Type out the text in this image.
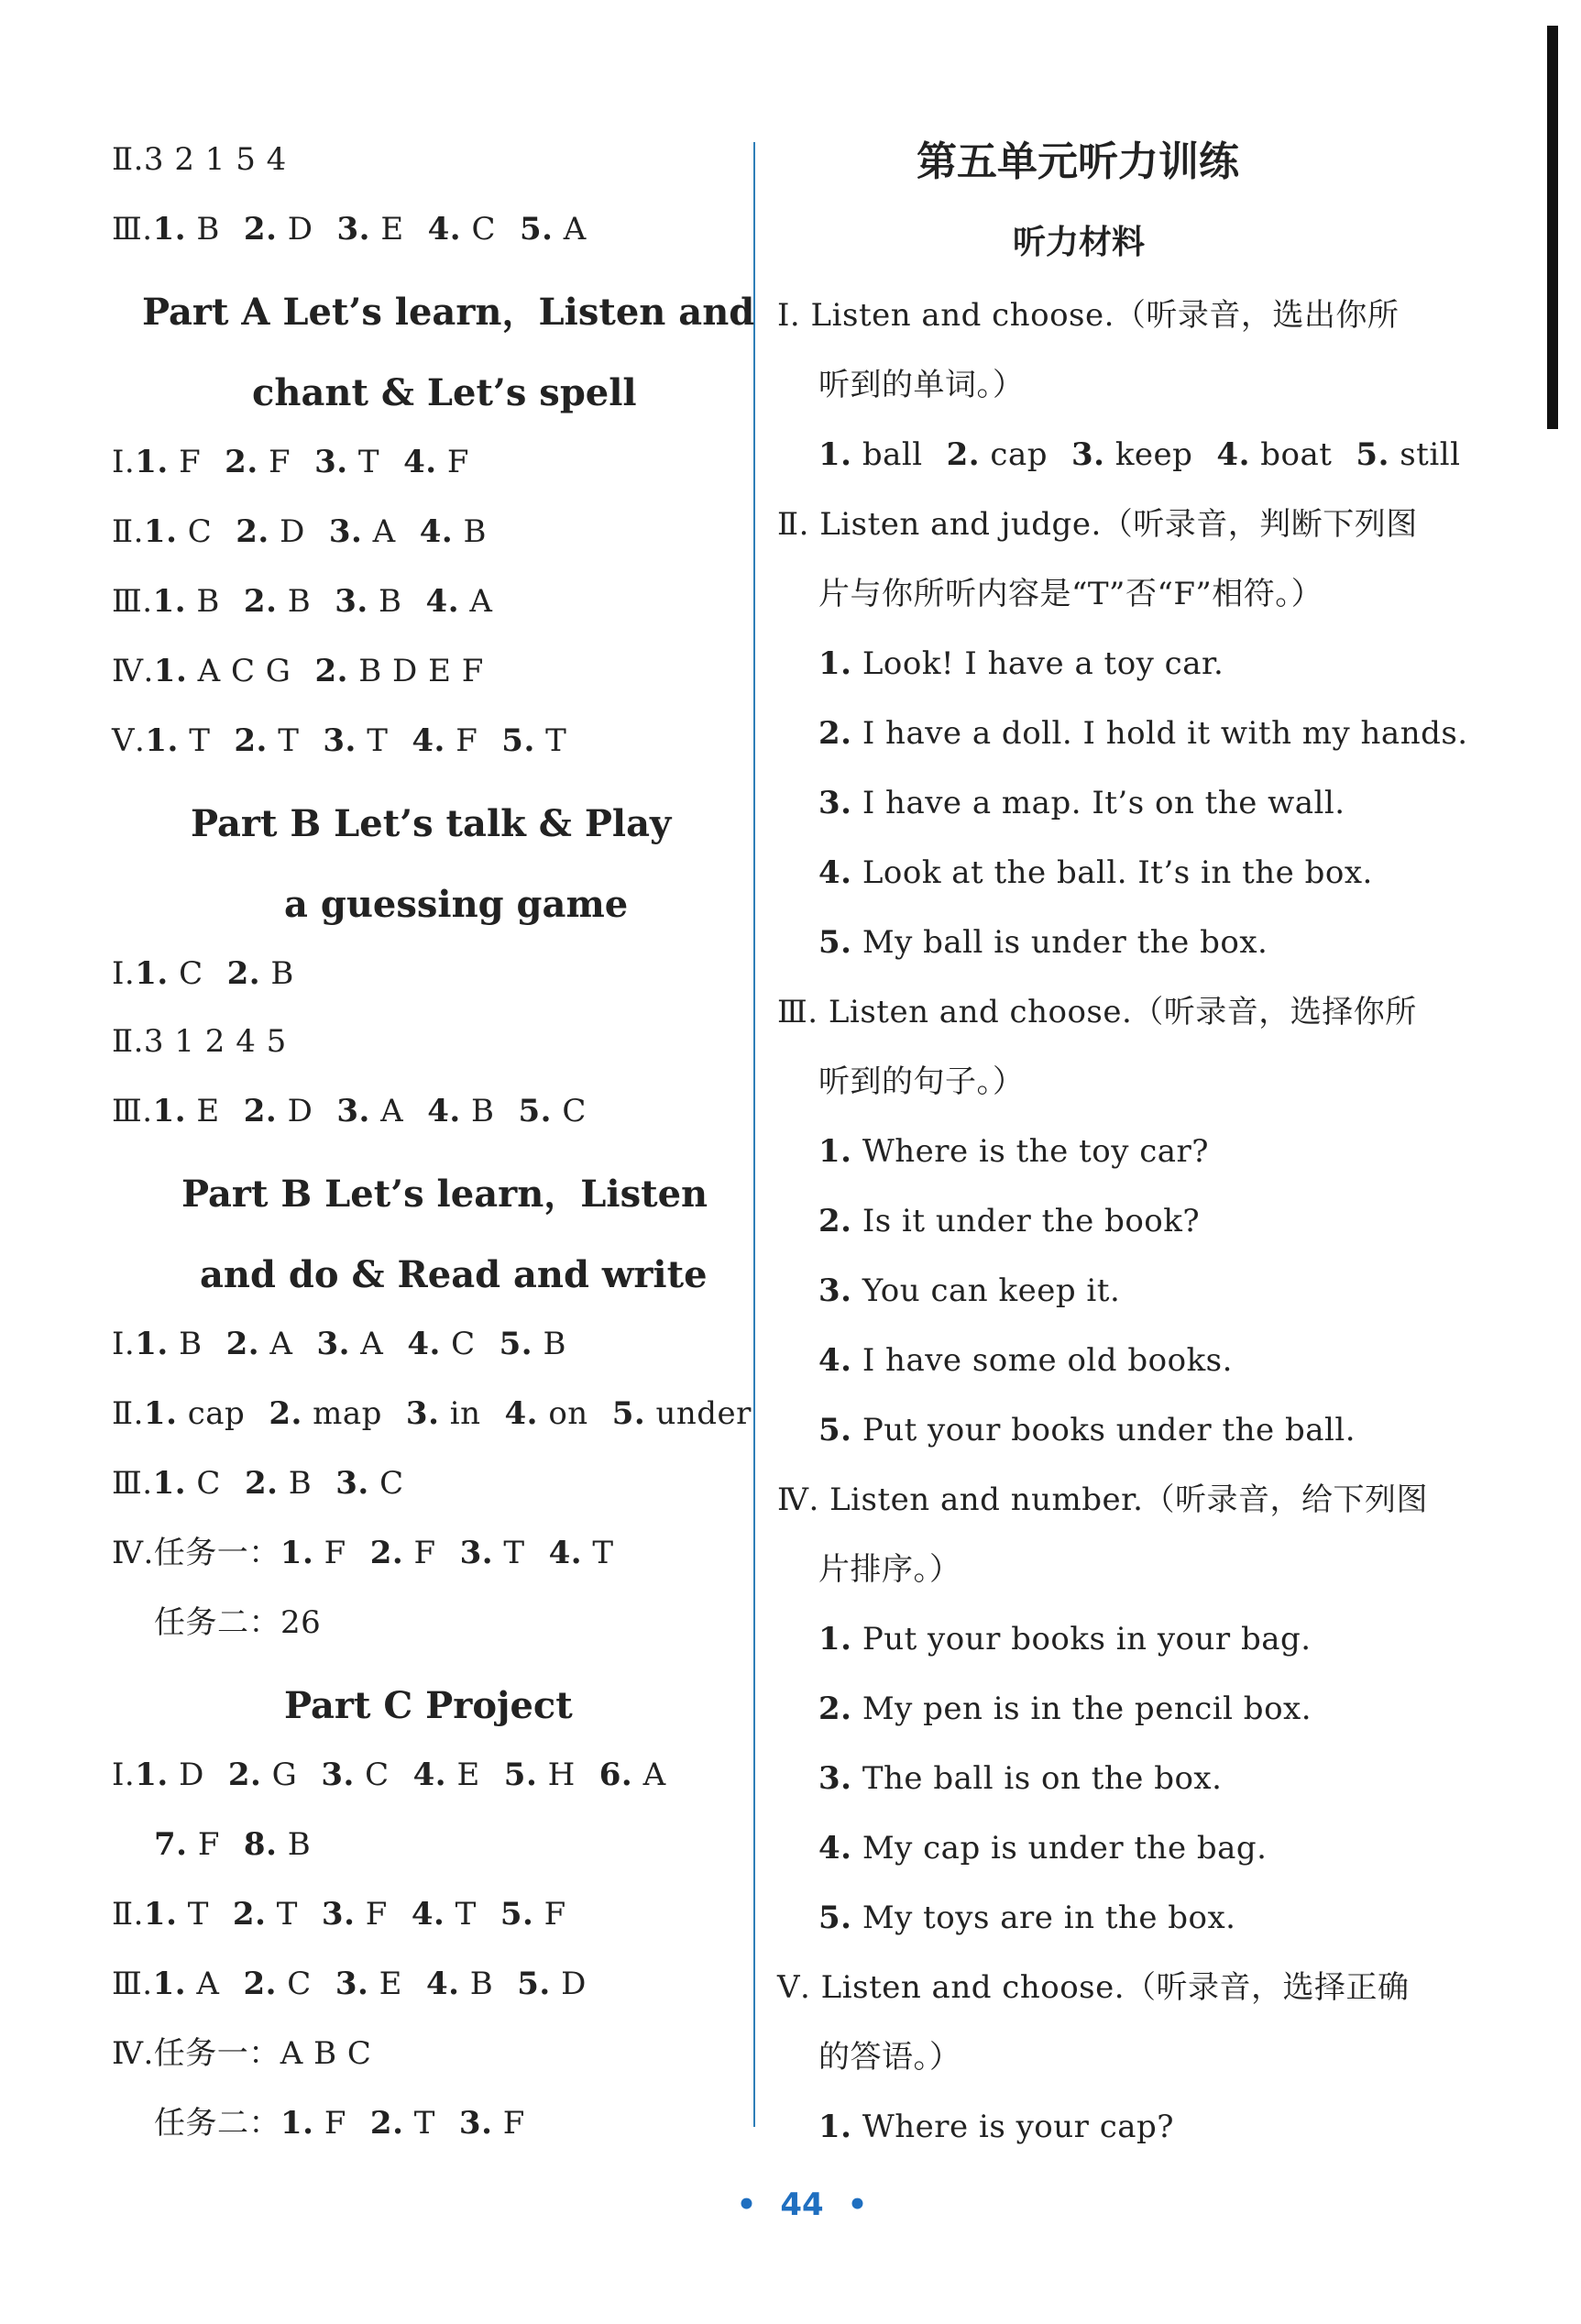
Ⅱ.3 2 1 5 4
Ⅲ.1. B 2. D 3. E 4. C 5. A
Part A Let’s learn，Listen and
chant & Let’s spell
Ⅰ.1. F 2. F 3. T 4. F
Ⅱ.1. C 2. D 3. A 4. B
Ⅲ.1. B 2. B 3. B 4. A
Ⅳ.1. A C G 2. B D E F
Ⅴ.1. T 2. T 3. T 4. F 5. T
Part B Let’s talk & Play
a guessing game
Ⅰ.1. C 2. B
Ⅱ.3 1 2 4 5
Ⅲ.1. E 2. D 3. A 4. B 5. C
Part B Let’s learn，Listen
and do & Read and write
Ⅰ.1. B 2. A 3. A 4. C 5. B
Ⅱ.1. cap 2. map 3. in 4. on 5. under
Ⅲ.1. C 2. B 3. C
Ⅳ.任务一：1. F 2. F 3. T 4. T
任务二：26
Part C Project
Ⅰ.1. D 2. G 3. C 4. E 5. H 6. A
7. F 8. B
Ⅱ.1. T 2. T 3. F 4. T 5. F
Ⅲ.1. A 2. C 3. E 4. B 5. D
Ⅳ.任务一：A B C
任务二：1. F 2. T 3. F
第五单元听力训练
听力材料
Ⅰ. Listen and choose.（听录音，选出你所
听到的单词。）
1. ball 2. cap 3. keep 4. boat 5. still
Ⅱ. Listen and judge.（听录音，判断下列图
片与你所听内容是“T”否“F”相符。）
1. Look! I have a toy car.
2. I have a doll. I hold it with my hands.
3. I have a map. It’s on the wall.
4. Look at the ball. It’s in the box.
5. My ball is under the box.
Ⅲ. Listen and choose.（听录音，选择你所
听到的句子。）
1. Where is the toy car?
2. Is it under the book?
3. You can keep it.
4. I have some old books.
5. Put your books under the ball.
Ⅳ. Listen and number.（听录音，给下列图
片排序。）
1. Put your books in your bag.
2. My pen is in the pencil box.
3. The ball is on the box.
4. My cap is under the bag.
5. My toys are in the box.
Ⅴ. Listen and choose.（听录音，选择正确
的答语。）
1. Where is your cap?
• 44 •
